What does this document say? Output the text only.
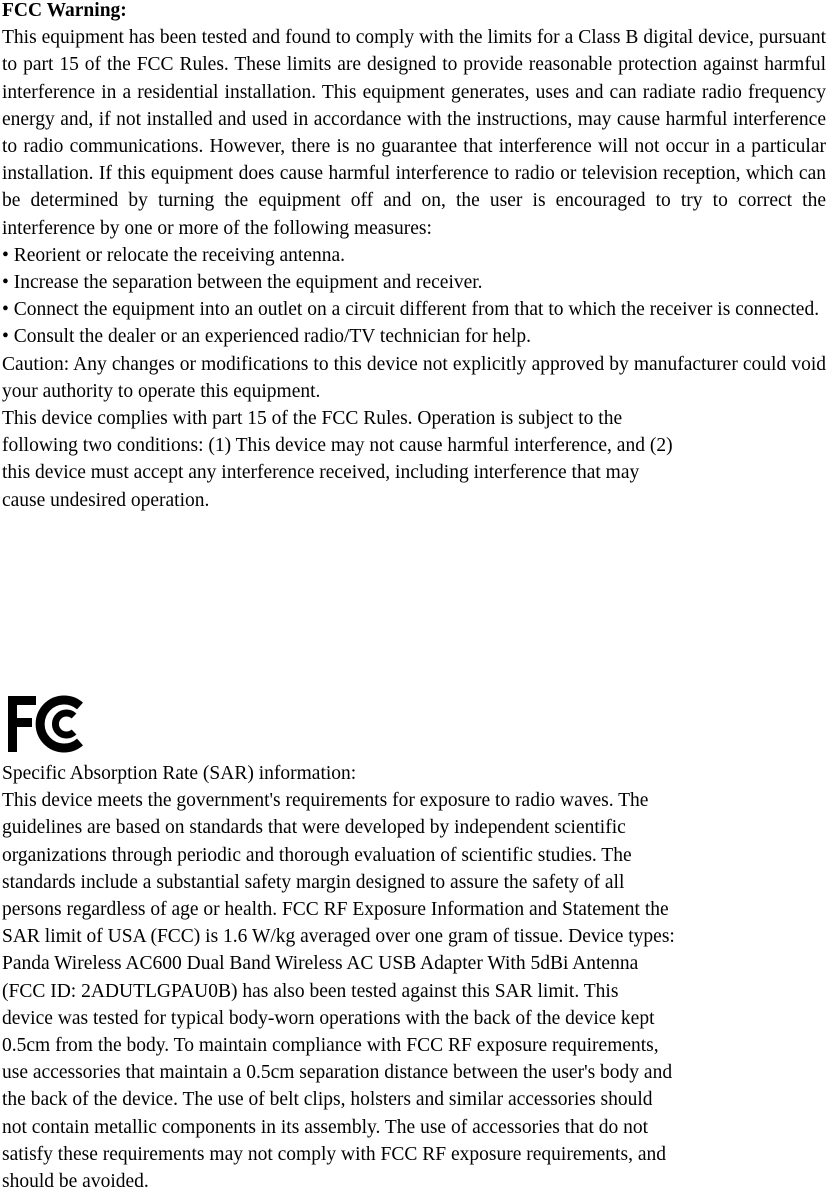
FCC Warning:

This equipment has been tested and found to comply with the limits for a Class B digital device, pursuant to part 15 of the FCC Rules. These limits are designed to provide reasonable protection against harmful interference in a residential installation. This equipment generates, uses and can radiate radio frequency energy and, if not installed and used in accordance with the instructions, may cause harmful interference to radio communications. However, there is no guarantee that interference will not occur in a particular installation. If this equipment does cause harmful interference to radio or television reception, which can be determined by turning the equipment off and on, the user is encouraged to try to correct the interference by one or more of the following measures:

• Reorient or relocate the receiving antenna.

• Increase the separation between the equipment and receiver.

• Connect the equipment into an outlet on a circuit different from that to which the receiver is connected.

• Consult the dealer or an experienced radio/TV technician for help.

Caution: Any changes or modifications to this device not explicitly approved by manufacturer could void your authority to operate this equipment.

This device complies with part 15 of the FCC Rules. Operation is subject to the

following two conditions: (1) This device may not cause harmful interference, and (2)

this device must accept any interference received, including interference that may

cause undesired operation.

Specific Absorption Rate (SAR) information:

This device meets the government's requirements for exposure to radio waves. The

guidelines are based on standards that were developed by independent scientific

organizations through periodic and thorough evaluation of scientific studies. The

standards include a substantial safety margin designed to assure the safety of all

persons regardless of age or health. FCC RF Exposure Information and Statement the

SAR limit of USA (FCC) is 1.6 W/kg averaged over one gram of tissue. Device types:

Panda Wireless AC600 Dual Band Wireless AC USB Adapter With 5dBi Antenna

(FCC ID: 2ADUTLGPAU0B) has also been tested against this SAR limit. This

device was tested for typical body-worn operations with the back of the device kept

0.5cm from the body. To maintain compliance with FCC RF exposure requirements,

use accessories that maintain a 0.5cm separation distance between the user's body and

the back of the device. The use of belt clips, holsters and similar accessories should

not contain metallic components in its assembly. The use of accessories that do not

satisfy these requirements may not comply with FCC RF exposure requirements, and

should be avoided.
